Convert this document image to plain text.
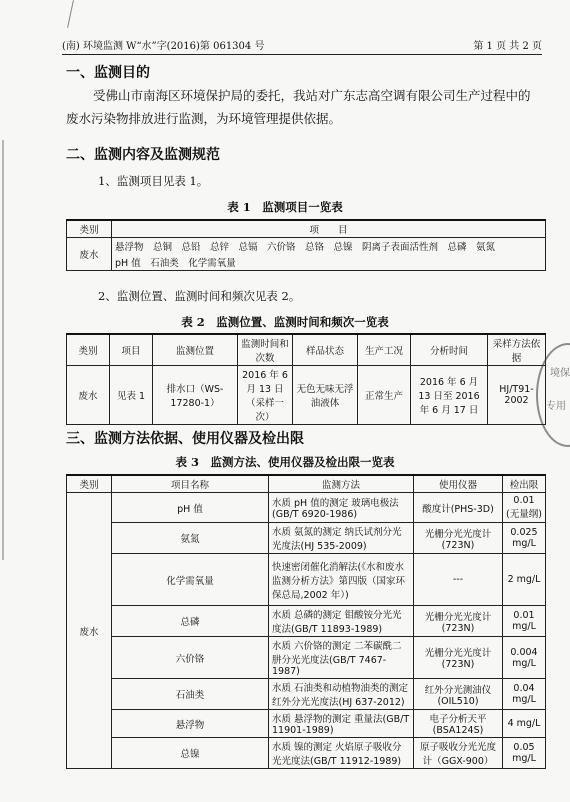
(南) 环境监测 W“水”字(2016)第 061304 号	第 1 页 共 2 页
一、监测目的
受佛山市南海区环境保护局的委托，我站对广东志高空调有限公司生产过程中的废水污染物排放进行监测，为环境管理提供依据。
二、监测内容及监测规范
1、监测项目见表 1。
表 1　监测项目一览表
类别	项　　目
废水	悬浮物　总铜　总铅　总锌　总镉　六价铬　总铬　总镍　阴离子表面活性剂　总磷　氨氮
	pH 值　石油类　化学需氧量
2、监测位置、监测时间和频次见表 2。
表 2　监测位置、监测时间和频次一览表
类别	项目	监测位置	监测时间和次数	样品状态	生产工况	分析时间	采样方法依据
废水	见表 1	排水口（WS-17280-1）	2016 年 6 月 13 日（采样一次）	无色无味无浮油液体	正常生产	2016 年 6 月 13 日至 2016 年 6 月 17 日	HJ/T91-2002
境保
专用
三、监测方法依据、使用仪器及检出限
表 3　监测方法、使用仪器及检出限一览表
类别	项目名称	监测方法	使用仪器	检出限
废水	pH 值	水质 pH 值的测定 玻璃电极法(GB/T 6920-1986)	酸度计(PHS-3D)	0.01 (无量纲)
	氨氮	水质 氨氮的测定 纳氏试剂分光光度法(HJ 535-2009)	光栅分光光度计(723N)	0.025 mg/L
	化学需氧量	快速密闭催化消解法(《水和废水监测分析方法》第四版（国家环保总局,2002 年）)	---	2 mg/L
	总磷	水质 总磷的测定 钼酸铵分光光度法(GB/T 11893-1989)	光栅分光光度计(723N)	0.01 mg/L
	六价铬	水质 六价铬的测定 二苯碳酰二肼分光光度法(GB/T 7467-1987)	光栅分光光度计(723N)	0.004 mg/L
	石油类	水质 石油类和动植物油类的测定 红外分光光度法(HJ 637-2012)	红外分光测油仪(OIL510)	0.04 mg/L
	悬浮物	水质 悬浮物的测定 重量法(GB/T 11901-1989)	电子分析天平(BSA124S)	4 mg/L
	总镍	水质 镍的测定 火焰原子吸收分光光度法(GB/T 11912-1989)	原子吸收分光光度计（GGX-900）	0.05 mg/L
